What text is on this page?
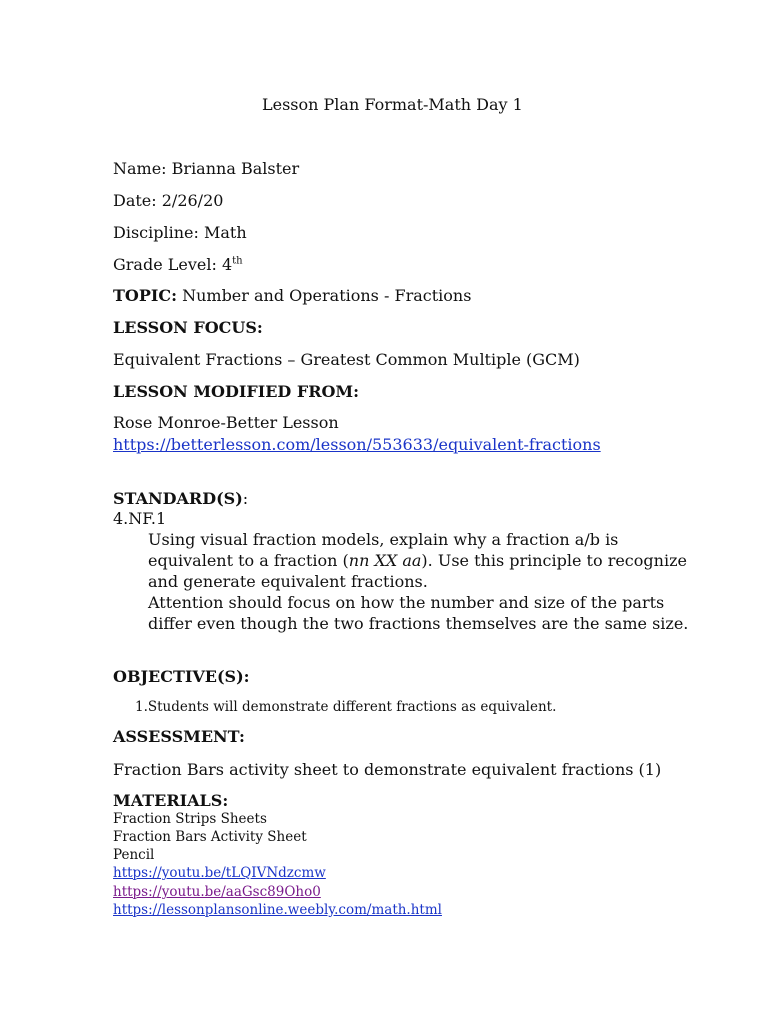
Lesson Plan Format-Math Day 1
Name: Brianna Balster
Date: 2/26/20
Discipline: Math
Grade Level: 4th
TOPIC: Number and Operations - Fractions
LESSON FOCUS:
Equivalent Fractions – Greatest Common Multiple (GCM)
LESSON MODIFIED FROM:
Rose Monroe-Better Lesson
https://betterlesson.com/lesson/553633/equivalent-fractions
STANDARD(S):
4.NF.1
Using visual fraction models, explain why a fraction a/b is
equivalent to a fraction (nn XX aa). Use this principle to recognize
and generate equivalent fractions.
Attention should focus on how the number and size of the parts
differ even though the two fractions themselves are the same size.
OBJECTIVE(S):
1.Students will demonstrate different fractions as equivalent.
ASSESSMENT:
Fraction Bars activity sheet to demonstrate equivalent fractions (1)
MATERIALS:
Fraction Strips Sheets
Fraction Bars Activity Sheet
Pencil
https://youtu.be/tLQIVNdzcmw
https://youtu.be/aaGsc89Oho0
https://lessonplansonline.weebly.com/math.html
